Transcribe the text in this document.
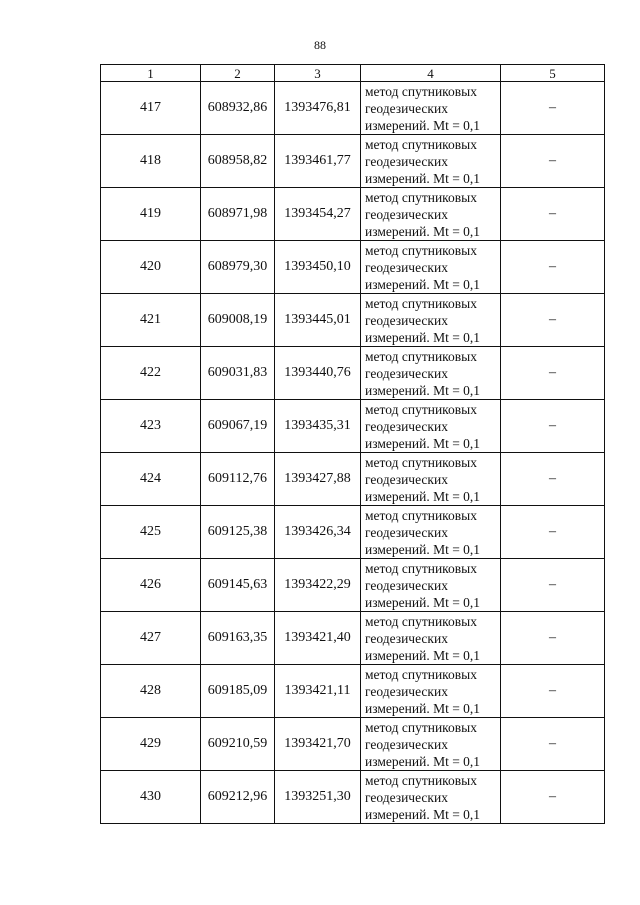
88
1	2	3	4	5
417	608932,86	1393476,81	метод спутниковых
геодезических
измерений. Mt = 0,1	–
418	608958,82	1393461,77	метод спутниковых
геодезических
измерений. Mt = 0,1	–
419	608971,98	1393454,27	метод спутниковых
геодезических
измерений. Mt = 0,1	–
420	608979,30	1393450,10	метод спутниковых
геодезических
измерений. Mt = 0,1	–
421	609008,19	1393445,01	метод спутниковых
геодезических
измерений. Mt = 0,1	–
422	609031,83	1393440,76	метод спутниковых
геодезических
измерений. Mt = 0,1	–
423	609067,19	1393435,31	метод спутниковых
геодезических
измерений. Mt = 0,1	–
424	609112,76	1393427,88	метод спутниковых
геодезических
измерений. Mt = 0,1	–
425	609125,38	1393426,34	метод спутниковых
геодезических
измерений. Mt = 0,1	–
426	609145,63	1393422,29	метод спутниковых
геодезических
измерений. Mt = 0,1	–
427	609163,35	1393421,40	метод спутниковых
геодезических
измерений. Mt = 0,1	–
428	609185,09	1393421,11	метод спутниковых
геодезических
измерений. Mt = 0,1	–
429	609210,59	1393421,70	метод спутниковых
геодезических
измерений. Mt = 0,1	–
430	609212,96	1393251,30	метод спутниковых
геодезических
измерений. Mt = 0,1	–
